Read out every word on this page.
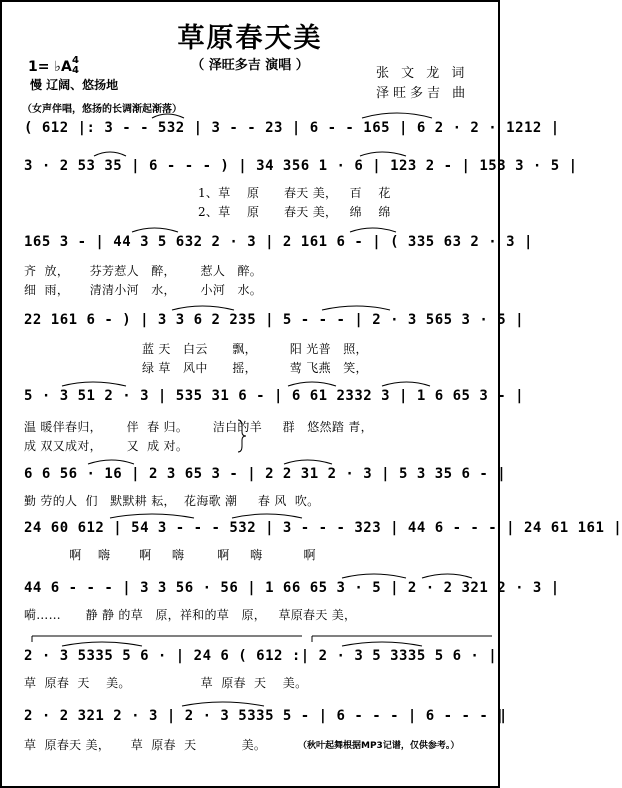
草原春天美
（ 泽旺多吉 演唱 ）
1= ♭A 4
4
慢 辽阔、悠扬地
张 文 龙 词
泽旺多吉 曲
（女声伴唱，悠扬的长调渐起渐落）
( 612 |: 3 - - 532 | 3 - - 23 | 6 - - 165 | 6 2 · 2 · 1212 |
3 · 2 53 35 | 6 - - - ) | 34 356 1 · 6 | 123 2 - | 153 3 · 5 |
1、草    原      春天 美，   百    花
2、草    原      春天 美，   绵    绵
165 3 - | 44 3 5 632 2 · 3 | 2 161 6 - | ( 335 63 2 · 3 |
齐  放，     芬芳惹人   醉，      惹人   醉。
细  雨，     清清小河   水，      小河   水。
22 161 6 - ) | 3 3 6 2 235 | 5 - - - | 2 · 3 565 3 · 5 |
蓝 天   白云      飘，        阳 光普   照，
绿 草   风中      摇，        莺 飞燕   笑，
5 · 3 51 2 · 3 | 535 31 6 - | 6 61 2332 3 | 1 6 65 3 - |
温 暖伴春归，      伴  春 归。      洁白的羊     群   悠然踏 青，
成 双又成对，      又  成 对。
6 6 56 · 16 | 2 3 65 3 - | 2 2 31 2 · 3 | 5 3 35 6 - |
勤 劳的人  们   默默耕 耘，  花海歌 潮     春 风  吹。
24 60 612 | 54 3 - - - 532 | 3 - - - 323 | 44 6 - - - | 24 61 161 |
啊    嗨       啊     嗨        啊     嗨          啊
44 6 - - - | 3 3 56 · 56 | 1 66 65 3 · 5 | 2 · 2 321 2 · 3 |
嗬……      静 静 的草   原，祥和的草   原，   草原春天 美，
2 · 3 5335 5 6 · | 24 6 ( 612 :| 2 · 3 5 3335 5 6 · |
草  原春  天    美。                 草  原春  天    美。
2 · 2 321 2 · 3 | 2 · 3 5335 5 - | 6 - - - | 6 - - - ‖
草  原春天 美，     草  原春  天           美。	（秋叶起舞根据MP3记谱，仅供参考。）
